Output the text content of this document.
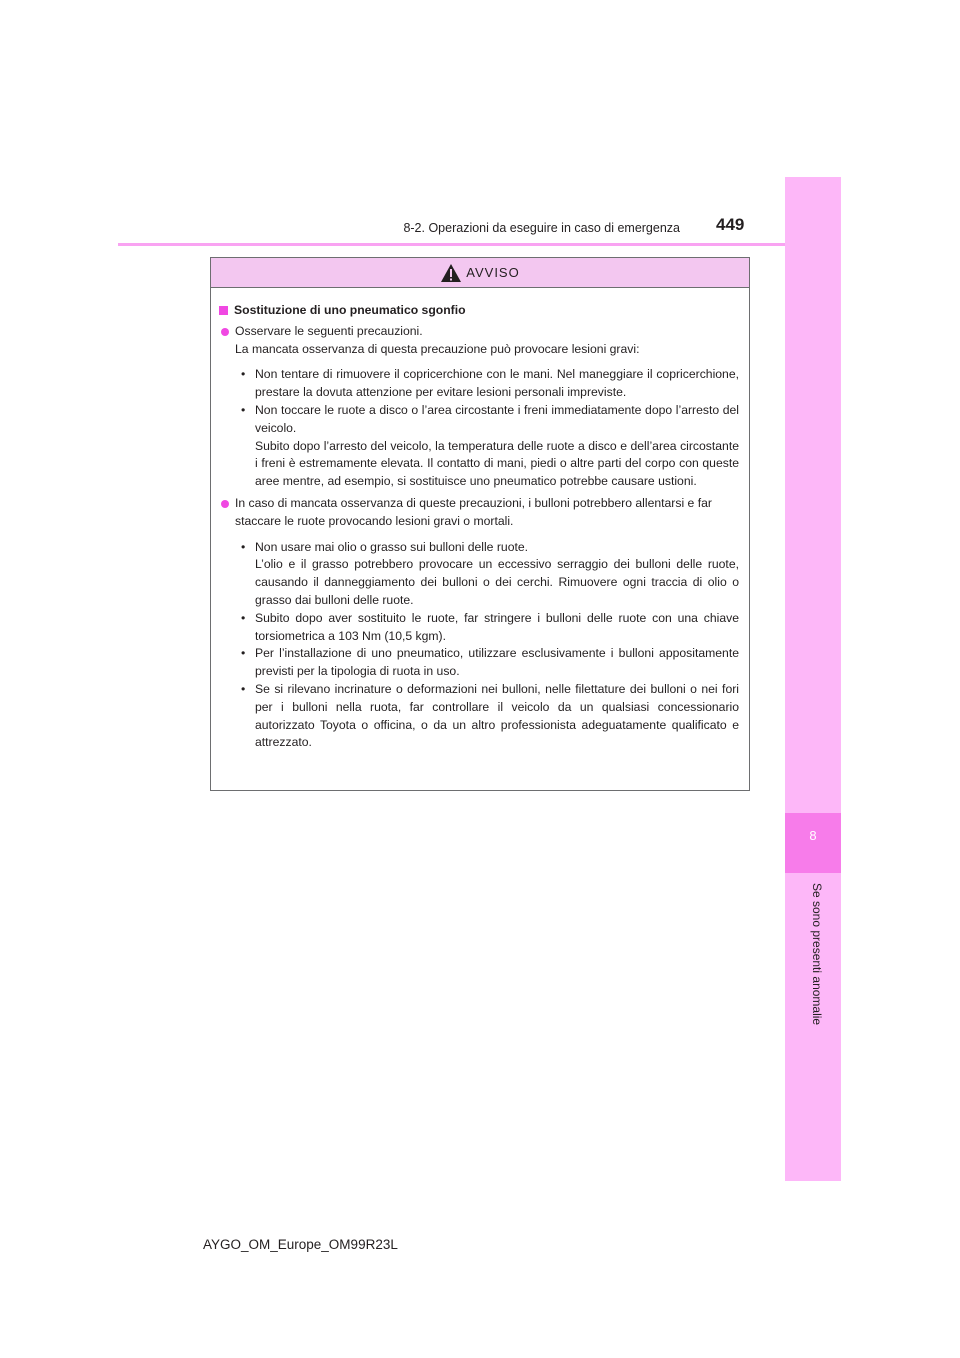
8-2. Operazioni da eseguire in caso di emergenza 449
8
Se sono presenti anomalie
AVVISO
Sostituzione di uno pneumatico sgonfio
Osservare le seguenti precauzioni.
La mancata osservanza di questa precauzione può provocare lesioni gravi:
• Non tentare di rimuovere il copricerchione con le mani. Nel maneggiare il copricerchione, prestare la dovuta attenzione per evitare lesioni personali impreviste.

• Non toccare le ruote a disco o l’area circostante i freni immediatamente dopo l’arresto del veicolo.

Subito dopo l’arresto del veicolo, la temperatura delle ruote a disco e dell’area circostante i freni è estremamente elevata. Il contatto di mani, piedi o altre parti del corpo con queste aree mentre, ad esempio, si sostituisce uno pneumatico potrebbe causare ustioni.

In caso di mancata osservanza di queste precauzioni, i bulloni potrebbero allentarsi e far staccare le ruote provocando lesioni gravi o mortali.
• Non usare mai olio o grasso sui bulloni delle ruote.

L’olio e il grasso potrebbero provocare un eccessivo serraggio dei bulloni delle ruote, causando il danneggiamento dei bulloni o dei cerchi. Rimuovere ogni traccia di olio o grasso dai bulloni delle ruote.

• Subito dopo aver sostituito le ruote, far stringere i bulloni delle ruote con una chiave torsiometrica a 103 Nm (10,5 kgm).

• Per l’installazione di uno pneumatico, utilizzare esclusivamente i bulloni appositamente previsti per la tipologia di ruota in uso.

• Se si rilevano incrinature o deformazioni nei bulloni, nelle filettature dei bulloni o nei fori per i bulloni nella ruota, far controllare il veicolo da un qualsiasi concessionario autorizzato Toyota o officina, o da un altro professionista adeguatamente qualificato e attrezzato.

AYGO_OM_Europe_OM99R23L
